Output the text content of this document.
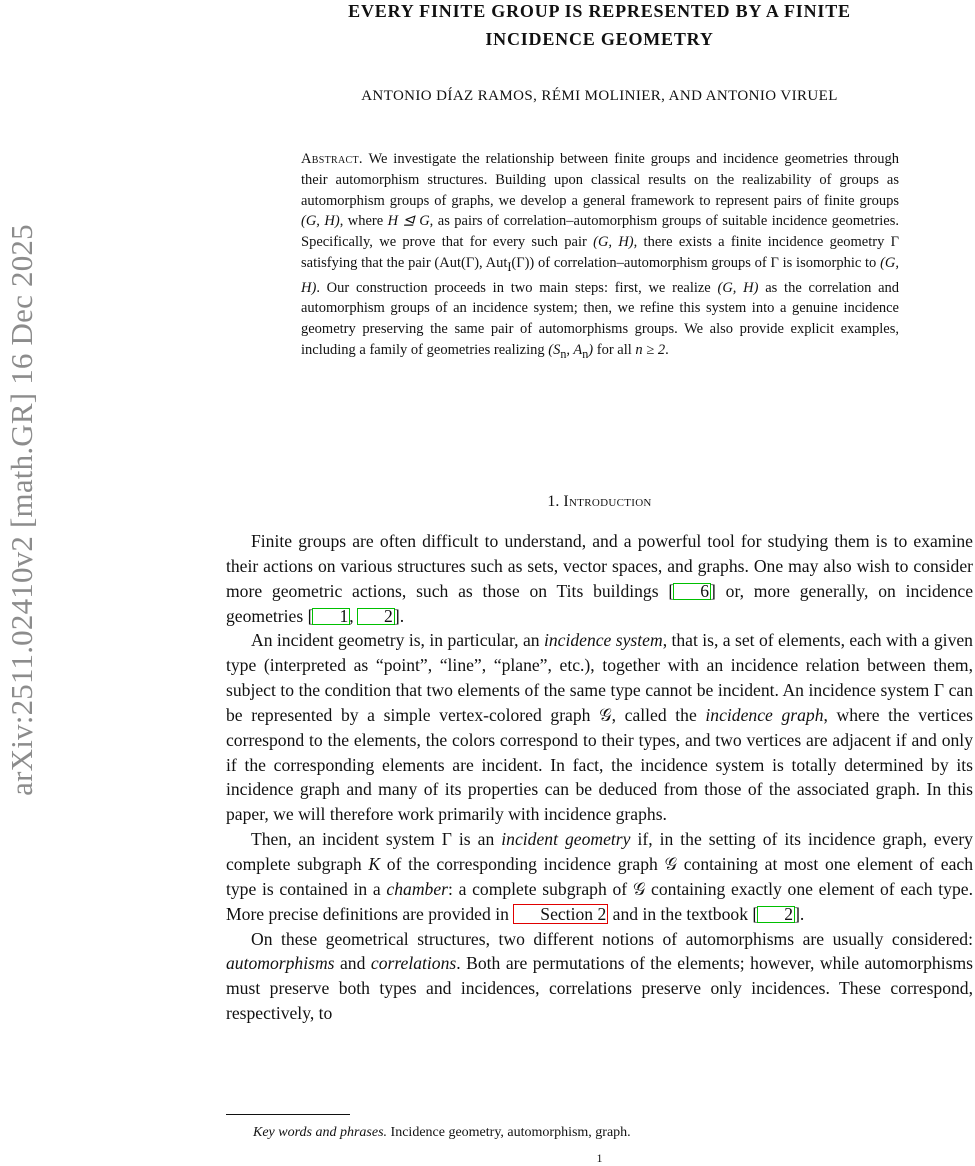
arXiv:2511.02410v2 [math.GR] 16 Dec 2025
EVERY FINITE GROUP IS REPRESENTED BY A FINITE
INCIDENCE GEOMETRY
ANTONIO DÍAZ RAMOS, RÉMI MOLINIER, AND ANTONIO VIRUEL
Abstract. We investigate the relationship between finite groups and incidence geometries through their automorphism structures. Building upon classical results on the realizability of groups as automorphism groups of graphs, we develop a general framework to represent pairs of finite groups (G, H), where H ⊴ G, as pairs of correlation–automorphism groups of suitable incidence geometries. Specifically, we prove that for every such pair (G, H), there exists a finite incidence geometry Γ satisfying that the pair (Aut(Γ), Aut$_I$(Γ)) of correlation–automorphism groups of Γ is isomorphic to (G, H). Our construction proceeds in two main steps: first, we realize (G, H) as the correlation and automorphism groups of an incidence system; then, we refine this system into a genuine incidence geometry preserving the same pair of automorphisms groups. We also provide explicit examples, including a family of geometries realizing ($S_n$, $A_n$) for all n ≥ 2.
1. Introduction

Finite groups are often difficult to understand, and a powerful tool for studying them is to examine their actions on various structures such as sets, vector spaces, and graphs. One may also wish to consider more geometric actions, such as those on Tits buildings [ 6] or, more generally, on incidence geometries [ 1, 2].

An incident geometry is, in particular, an incidence system, that is, a set of elements, each with a given type (interpreted as “point”, “line”, “plane”, etc.), together with an incidence relation between them, subject to the condition that two elements of the same type cannot be incident. An incidence system Γ can be represented by a simple vertex-colored graph 𝒢, called the incidence graph, where the vertices correspond to the elements, the colors correspond to their types, and two vertices are adjacent if and only if the corresponding elements are incident. In fact, the incidence system is totally determined by its incidence graph and many of its properties can be deduced from those of the associated graph. In this paper, we will therefore work primarily with incidence graphs.

Then, an incident system Γ is an incident geometry if, in the setting of its incidence graph, every complete subgraph K of the corresponding incidence graph 𝒢 containing at most one element of each type is contained in a chamber: a complete subgraph of 𝒢 containing exactly one element of each type. More precise definitions are provided in Section 2 and in the textbook [ 2].

On these geometrical structures, two different notions of automorphisms are usually considered: automorphisms and correlations. Both are permutations of the elements; however, while automorphisms must preserve both types and incidences, correlations preserve only incidences. These correspond, respectively, to

Key words and phrases. Incidence geometry, automorphism, graph.
1
